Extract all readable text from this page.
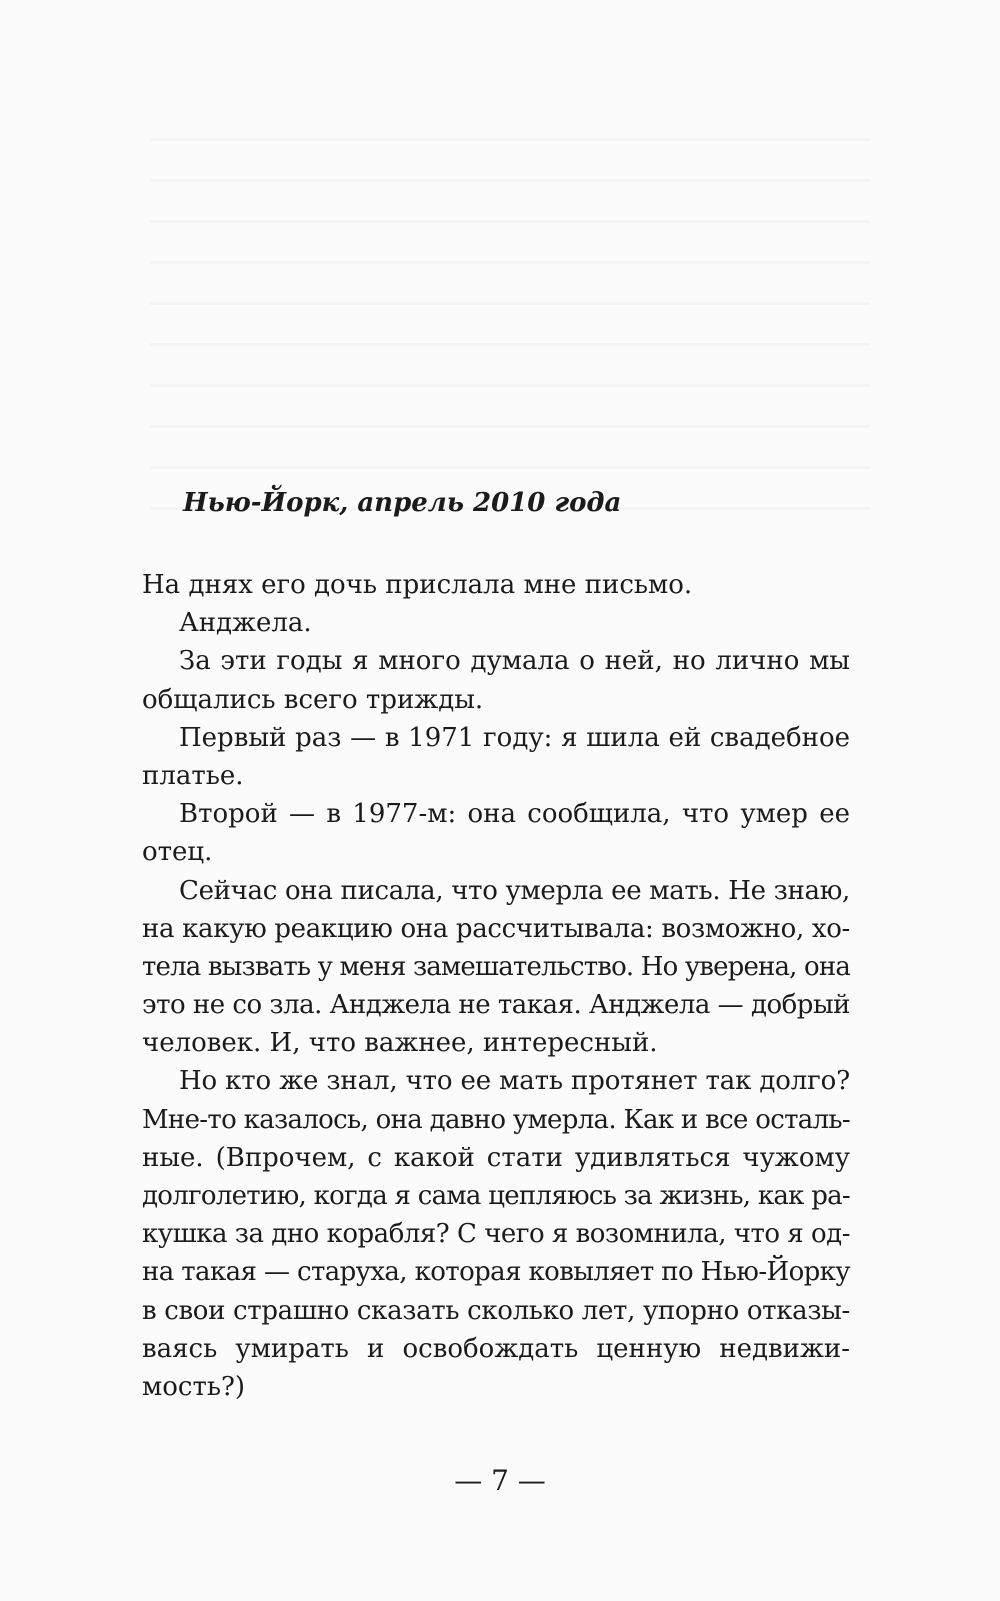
Нью-Йорк, апрель 2010 года
На днях его дочь прислала мне письмо.
Анджела.
За эти годы я много думала о ней, но лично мы
общались всего трижды.
Первый раз — в 1971 году: я шила ей свадебное
платье.
Второй — в 1977-м: она сообщила, что умер ее
отец.
Сейчас она писала, что умерла ее мать. Не знаю,
на какую реакцию она рассчитывала: возможно, хо-
тела вызвать у меня замешательство. Но уверена, она
это не со зла. Анджела не такая. Анджела — добрый
человек. И, что важнее, интересный.
Но кто же знал, что ее мать протянет так долго?
Мне-то казалось, она давно умерла. Как и все осталь-
ные. (Впрочем, с какой стати удивляться чужому
долголетию, когда я сама цепляюсь за жизнь, как ра-
кушка за дно корабля? С чего я возомнила, что я од-
на такая — старуха, которая ковыляет по Нью-Йорку
в свои страшно сказать сколько лет, упорно отказы-
ваясь умирать и освобождать ценную недвижи-
мость?)
— 7 —
